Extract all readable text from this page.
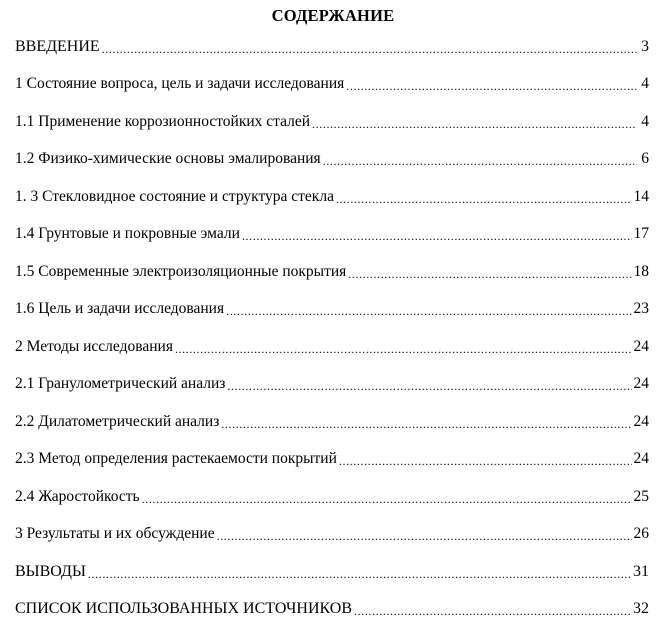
СОДЕРЖАНИЕ
ВВЕДЕНИЕ .....	3
1 Состояние вопроса, цель и задачи исследования .....	4
1.1 Применение коррозионностойких сталей .....	4
1.2 Физико-химические основы эмалирования .....	6
1. 3 Стекловидное состояние и структура стекла .....	14
1.4 Грунтовые и покровные эмали .....	17
1.5 Современные электроизоляционные покрытия .....	18
1.6 Цель и задачи исследования .....	23
2 Методы исследования .....	24
2.1 Гранулометрический анализ .....	24
2.2 Дилатометрический анализ .....	24
2.3 Метод определения растекаемости покрытий .....	24
2.4 Жаростойкость .....	25
3 Результаты и их обсуждение .....	26
ВЫВОДЫ .....	31
СПИСОК ИСПОЛЬЗОВАННЫХ ИСТОЧНИКОВ .....	32
